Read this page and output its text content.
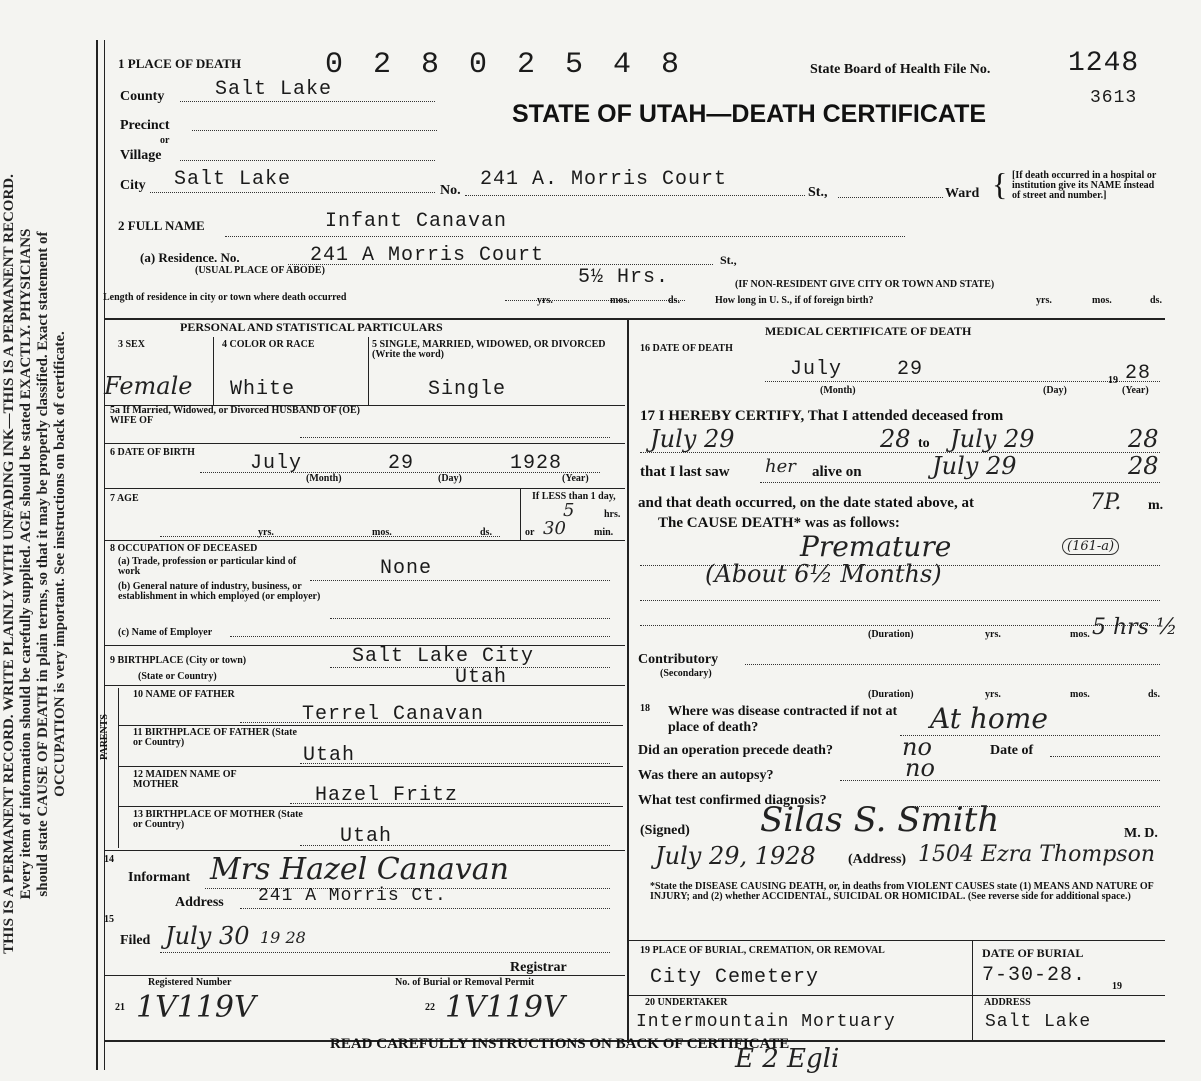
THIS IS A PERMANENT RECORD. WRITE PLAINLY WITH UNFADING INK—THIS IS A PERMANENT RECORD. Every item of information should be carefully supplied. AGE should be stated EXACTLY. PHYSICIANS should state CAUSE OF DEATH in plain terms, so that it may be properly classified. Exact statement of OCCUPATION is very important. See instructions on back of certificate.
1 PLACE OF DEATH	0 2 8 0 2 5 4 8	State Board of Health File No.	1248
3613
STATE OF UTAH—DEATH CERTIFICATE
County	Salt Lake
Precinct
or
Village
City Salt Lake	No. 241 A. Morris Court
St.,	Ward { [If death occurred in a hospital or institution give its NAME instead of street and number.]
2 FULL NAME	Infant Canavan
(a) Residence. No.	241 A Morris Court
(USUAL PLACE OF ABODE)
St.,
(IF NON-RESIDENT GIVE CITY OR TOWN AND STATE)
5½ Hrs.
Length of residence in city or town where death occurred	yrs.	mos.	ds.	How long in U. S., if of foreign birth?	yrs.	mos.	ds.
PERSONAL AND STATISTICAL PARTICULARS
3 SEX
Female
4 COLOR OR RACE
White
5 SINGLE, MARRIED, WIDOWED, OR DIVORCED (Write the word)
Single
5a If Married, Widowed, or Divorced HUSBAND OF (OE) WIFE OF
6 DATE OF BIRTH	July	29	1928
(Month)	(Day)	(Year)
7 AGE
yrs.	mos.	ds.
If LESS than 1 day,
5	hrs.
or 30	min.
8 OCCUPATION OF DECEASED
(a) Trade, profession or particular kind of work	None
(b) General nature of industry, business, or establishment in which employed (or employer)
(c) Name of Employer
9 BIRTHPLACE (City or town)	Salt Lake City
(State or Country)	Utah
PARENTS
10 NAME OF FATHER
Terrel Canavan
11 BIRTHPLACE OF FATHER (State or Country)
Utah
12 MAIDEN NAME OF MOTHER	Hazel Fritz
13 BIRTHPLACE OF MOTHER (State or Country)
Utah
14
Informant Mrs Hazel Canavan
Address 241 A Morris Ct.
15
Filed July 30 19 28
Registrar
Registered Number	No. of Burial or Removal Permit
21 1V119V	22 1V119V
MEDICAL CERTIFICATE OF DEATH
16 DATE OF DEATH
July	29	19 28
(Month)	(Day)	(Year)
17 I HEREBY CERTIFY, That I attended deceased from
July 29	28 to July 29	28
that I last saw her alive on	July 29	28
and that death occurred, on the date stated above, at	7P. m.
The CAUSE DEATH* was as follows:
Premature	(161-a)
(About 6½ Months)
(Duration)	yrs.	mos. 5 hrs ½
Contributory
(Secondary)
(Duration)	yrs.	mos.	ds.
18 Where was disease contracted if not at place of death?	At home
Did an operation precede death?	no	Date of
Was there an autopsy?	no
What test confirmed diagnosis?
(Signed) Silas S. Smith	M. D.
July 29, 1928 (Address) 1504 Ezra Thompson
*State the DISEASE CAUSING DEATH, or, in deaths from VIOLENT CAUSES state (1) MEANS AND NATURE OF INJURY; and (2) whether ACCIDENTAL, SUICIDAL OR HOMICIDAL. (See reverse side for additional space.)
19 PLACE OF BURIAL, CREMATION, OR REMOVAL
City Cemetery
DATE OF BURIAL
7-30-28.	19
20 UNDERTAKER
Intermountain Mortuary
ADDRESS
Salt Lake
READ CAREFULLY INSTRUCTIONS ON BACK OF CERTIFICATE
E 2 Egli
